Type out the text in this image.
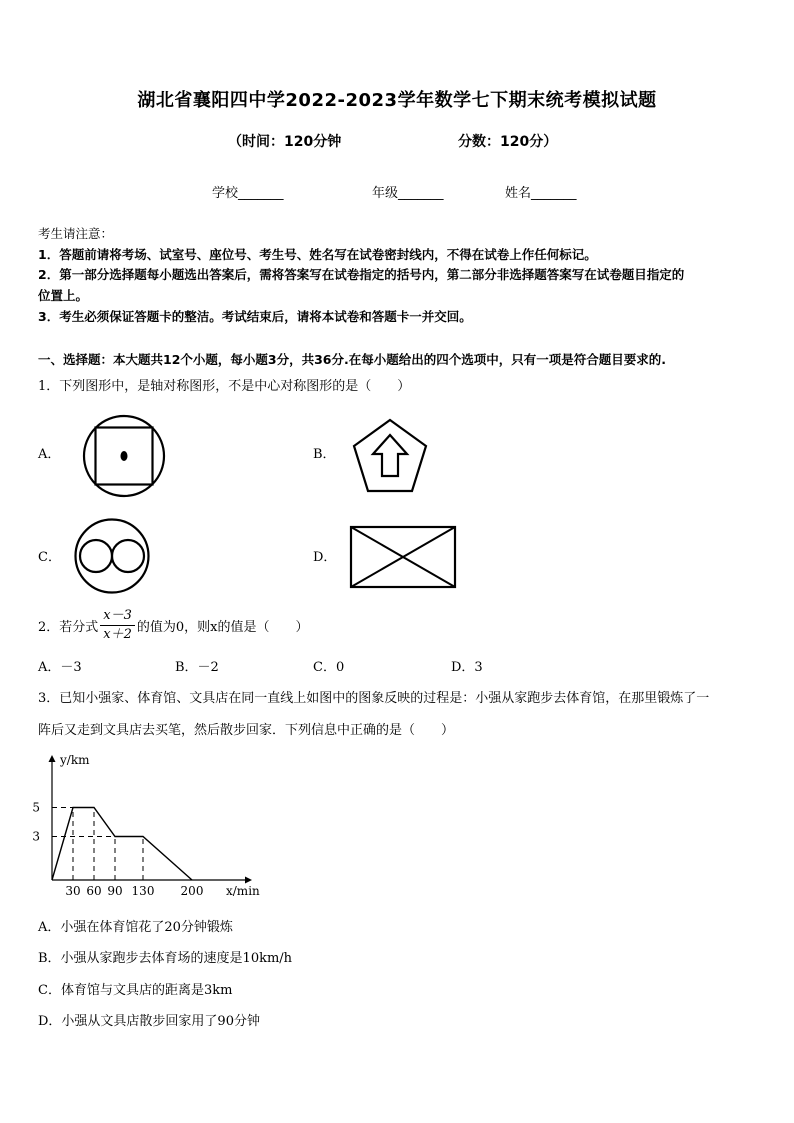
湖北省襄阳四中学2022-2023学年数学七下期末统考模拟试题
（时间：120分钟	分数：120分）
学校_______	年级_______	姓名_______
考生请注意：
1．答题前请将考场、试室号、座位号、考生号、姓名写在试卷密封线内，不得在试卷上作任何标记。
2．第一部分选择题每小题选出答案后，需将答案写在试卷指定的括号内，第二部分非选择题答案写在试卷题目指定的
位置上。
3．考生必须保证答题卡的整洁。考试结束后，请将本试卷和答题卡一并交回。
一、选择题：本大题共12个小题，每小题3分，共36分.在每小题给出的四个选项中，只有一项是符合题目要求的.
1．下列图形中，是轴对称图形，不是中心对称图形的是（　　）
A．	B．
C．	D．
2．若分式 $\frac{x-3}{x+2}$ 的值为0，则x的值是（　　）
A．－3	B．－2	C．0	D．3
3．已知小强家、体育馆、文具店在同一直线上如图中的图象反映的过程是：小强从家跑步去体育馆，在那里锻炼了一
阵后又走到文具店去买笔，然后散步回家．下列信息中正确的是（　　）
y/km
x/min
5
3
30 60 90 130 200
A．小强在体育馆花了20分钟锻炼
B．小强从家跑步去体育场的速度是10km/h
C．体育馆与文具店的距离是3km
D．小强从文具店散步回家用了90分钟
